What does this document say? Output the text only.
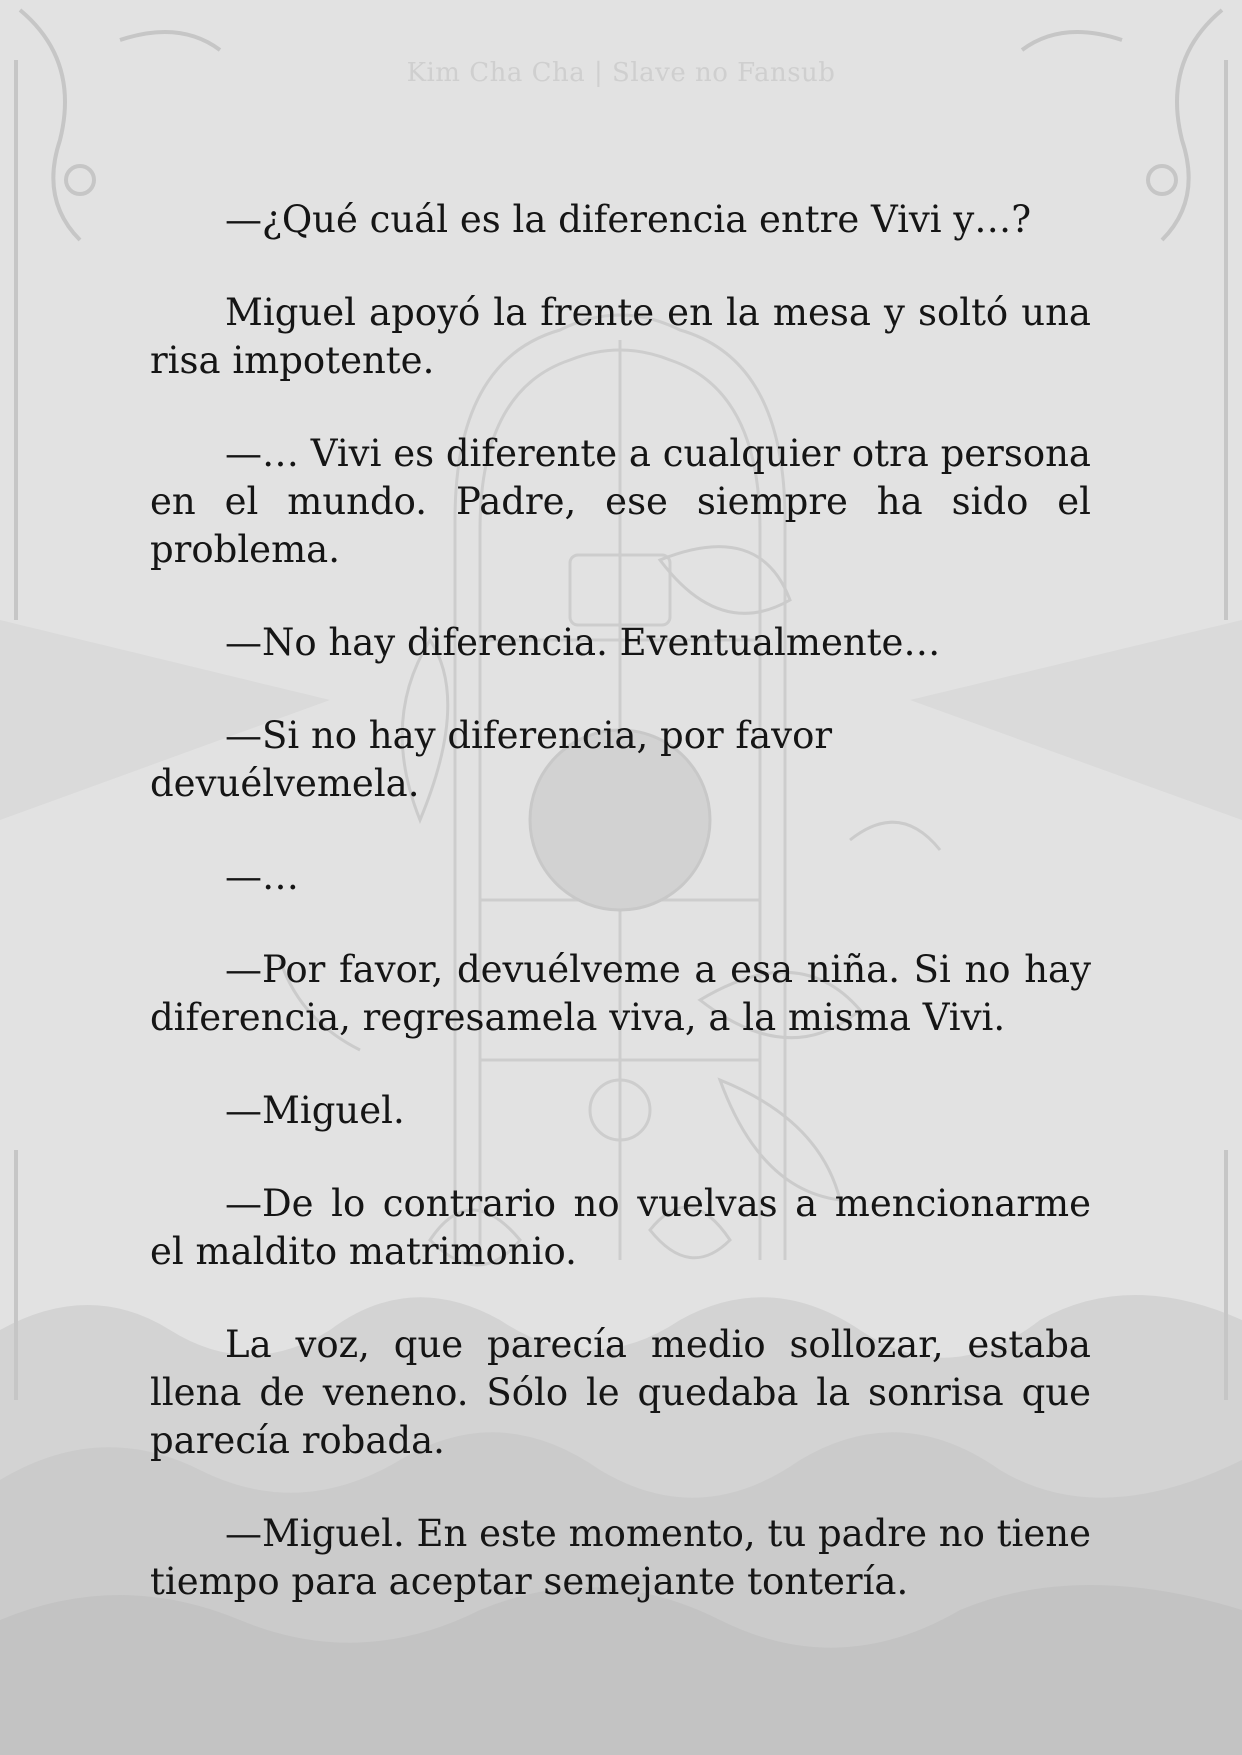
Kim Cha Cha | Slave no Fansub

—¿Qué cuál es la diferencia entre Vivi y…?

Miguel apoyó la frente en la mesa y soltó una risa impotente.

—… Vivi es diferente a cualquier otra persona en el mundo. Padre, ese siempre ha sido el problema.

—No hay diferencia. Eventualmente…

—Si no hay diferencia, por favor devuélvemela.

—…

—Por favor, devuélveme a esa niña. Si no hay diferencia, regresamela viva, a la misma Vivi.

—Miguel.

—De lo contrario no vuelvas a mencionarme el maldito matrimonio.

La voz, que parecía medio sollozar, estaba llena de veneno. Sólo le quedaba la sonrisa que parecía robada.

—Miguel. En este momento, tu padre no tiene tiempo para aceptar semejante tontería.
